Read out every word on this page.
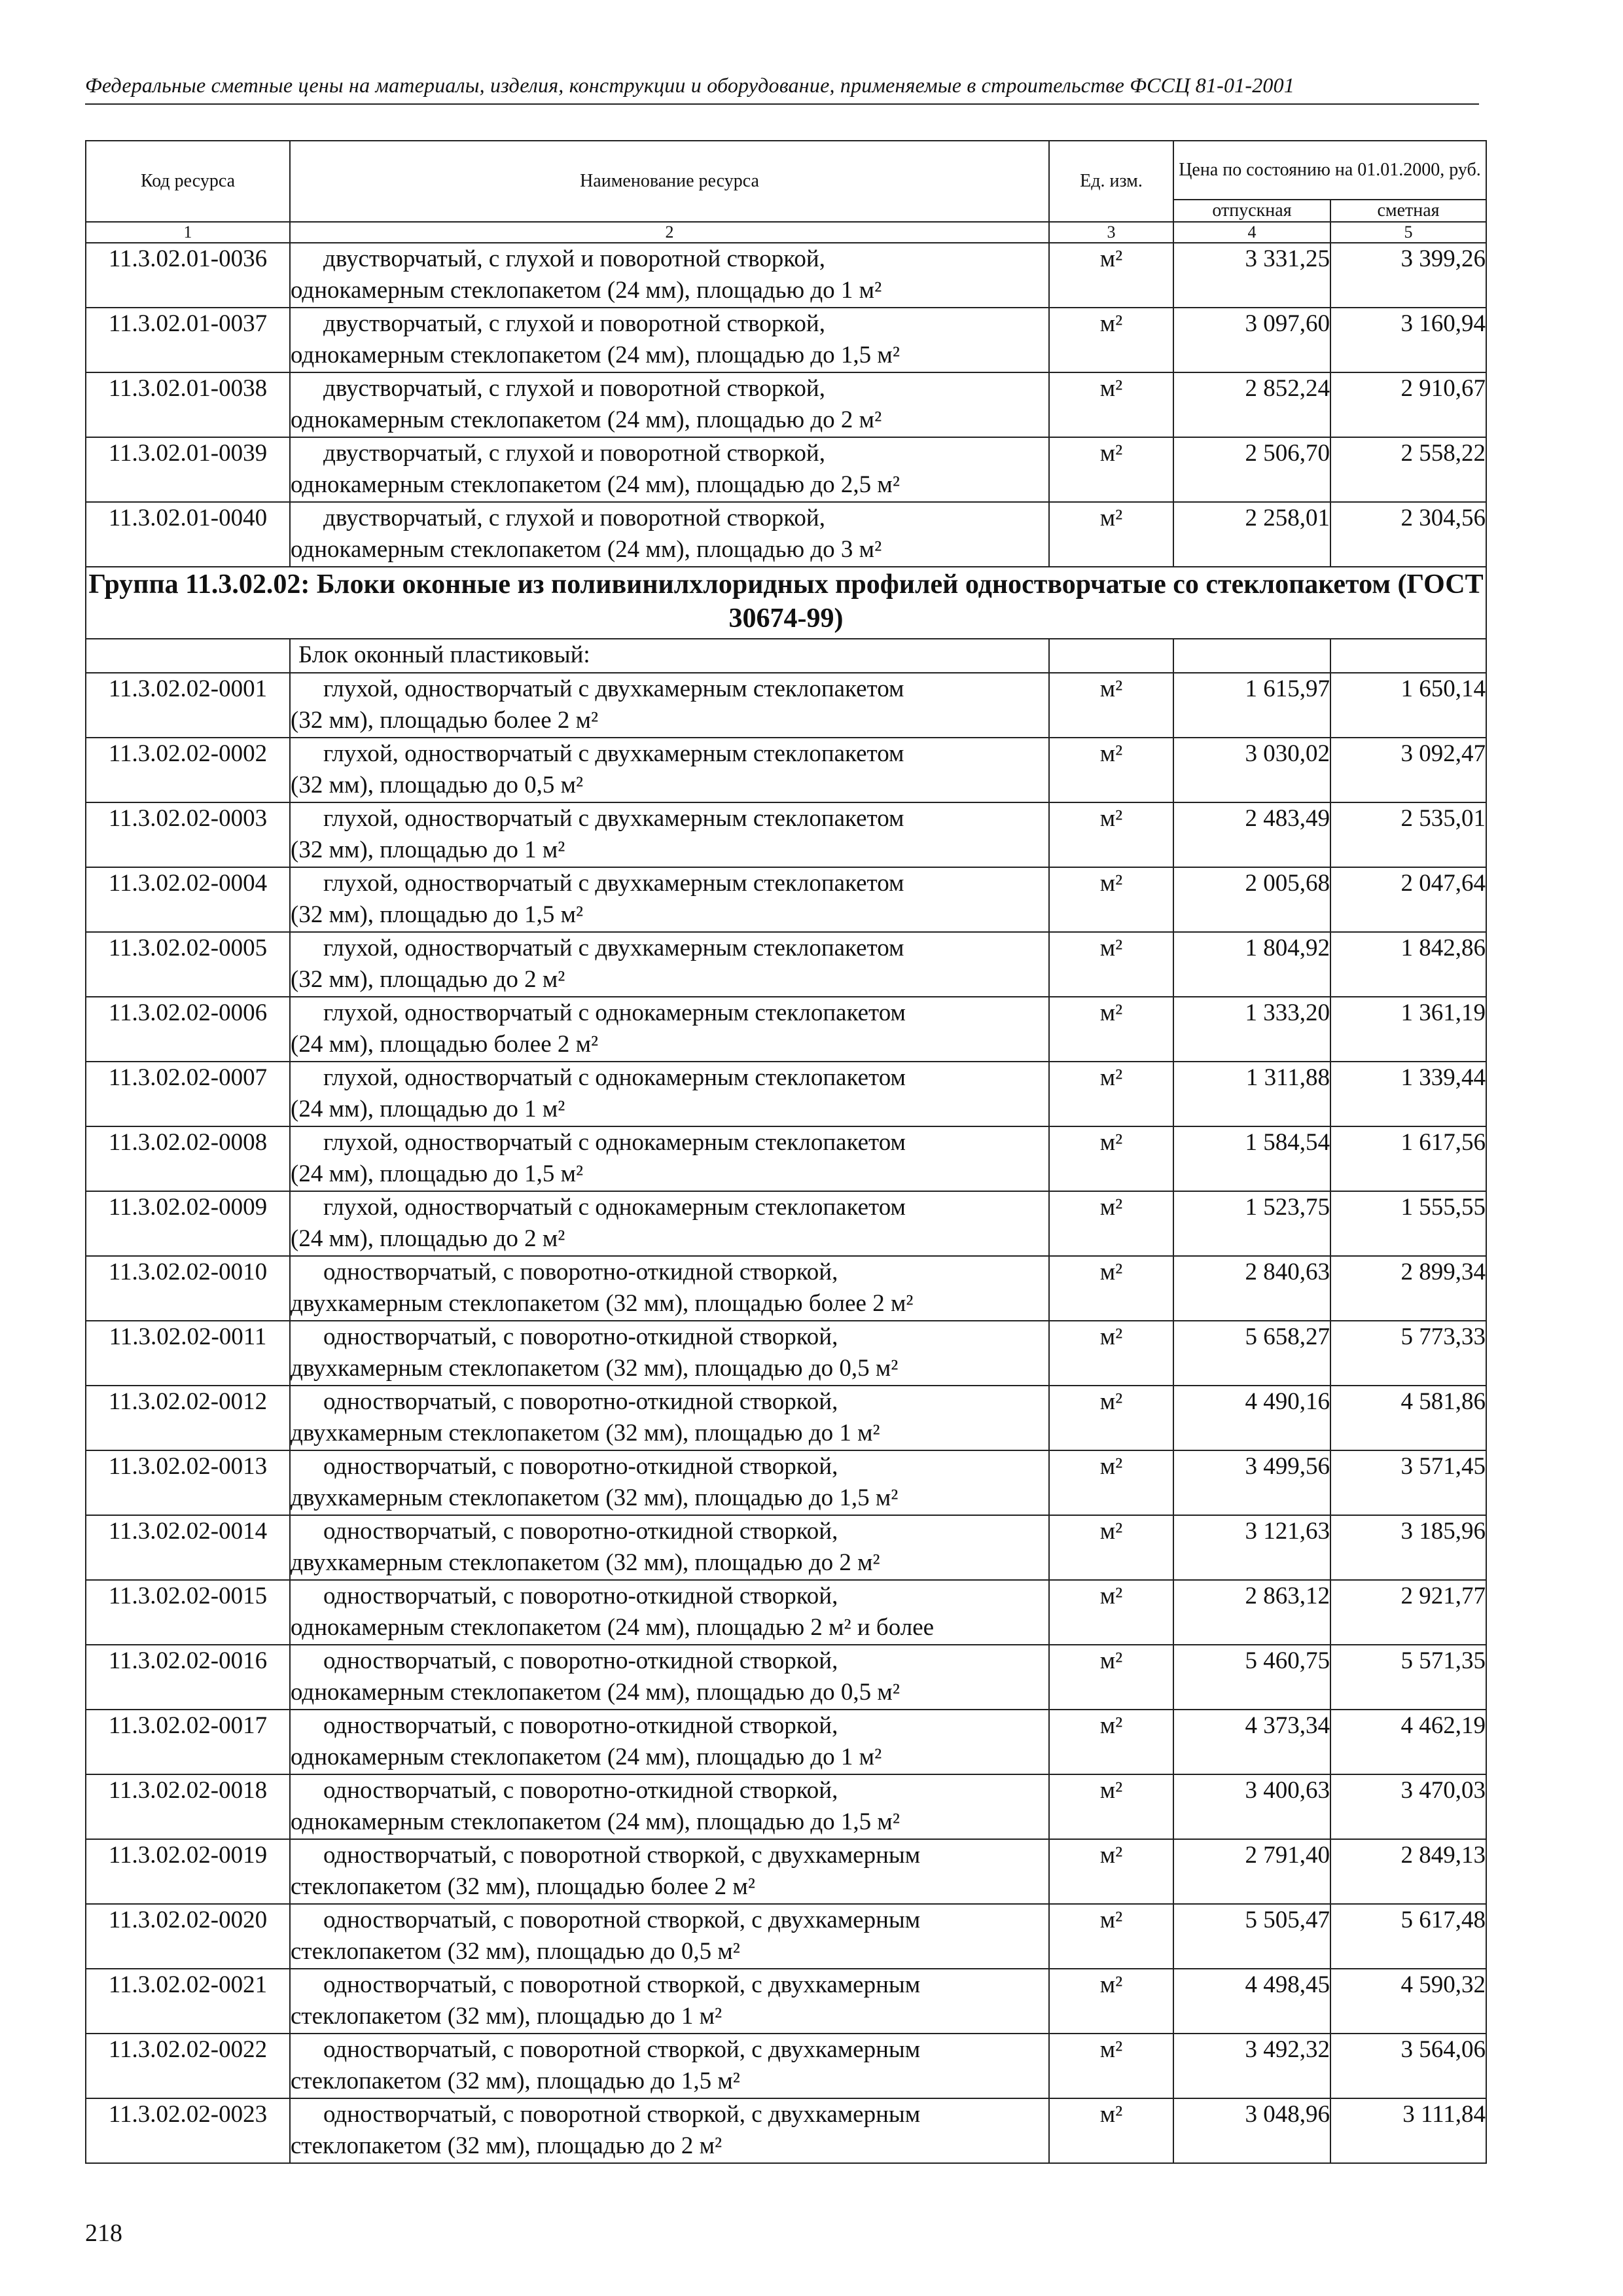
Федеральные сметные цены на материалы, изделия, конструкции и оборудование, применяемые в строительстве ФССЦ 81-01-2001
Код ресурса	Наименование ресурса	Ед. изм.	Цена по состоянию на 01.01.2000, руб.	
			отпускная	сметная
1	2	3	4	5
11.3.02.01-0036	двустворчатый, с глухой и поворотной створкой,
однокамерным стеклопакетом (24 мм), площадью до 1 м²	м²	3 331,25	3 399,26
11.3.02.01-0037	двустворчатый, с глухой и поворотной створкой,
однокамерным стеклопакетом (24 мм), площадью до 1,5 м²	м²	3 097,60	3 160,94
11.3.02.01-0038	двустворчатый, с глухой и поворотной створкой,
однокамерным стеклопакетом (24 мм), площадью до 2 м²	м²	2 852,24	2 910,67
11.3.02.01-0039	двустворчатый, с глухой и поворотной створкой,
однокамерным стеклопакетом (24 мм), площадью до 2,5 м²	м²	2 506,70	2 558,22
11.3.02.01-0040	двустворчатый, с глухой и поворотной створкой,
однокамерным стеклопакетом (24 мм), площадью до 3 м²	м²	2 258,01	2 304,56
Группа 11.3.02.02: Блоки оконные из поливинилхлоридных профилей одностворчатые со стеклопакетом (ГОСТ 30674-99)				
	Блок оконный пластиковый:			
11.3.02.02-0001	глухой, одностворчатый с двухкамерным стеклопакетом
(32 мм), площадью более 2 м²	м²	1 615,97	1 650,14
11.3.02.02-0002	глухой, одностворчатый с двухкамерным стеклопакетом
(32 мм), площадью до 0,5 м²	м²	3 030,02	3 092,47
11.3.02.02-0003	глухой, одностворчатый с двухкамерным стеклопакетом
(32 мм), площадью до 1 м²	м²	2 483,49	2 535,01
11.3.02.02-0004	глухой, одностворчатый с двухкамерным стеклопакетом
(32 мм), площадью до 1,5 м²	м²	2 005,68	2 047,64
11.3.02.02-0005	глухой, одностворчатый с двухкамерным стеклопакетом
(32 мм), площадью до 2 м²	м²	1 804,92	1 842,86
11.3.02.02-0006	глухой, одностворчатый с однокамерным стеклопакетом
(24 мм), площадью более 2 м²	м²	1 333,20	1 361,19
11.3.02.02-0007	глухой, одностворчатый с однокамерным стеклопакетом
(24 мм), площадью до 1 м²	м²	1 311,88	1 339,44
11.3.02.02-0008	глухой, одностворчатый с однокамерным стеклопакетом
(24 мм), площадью до 1,5 м²	м²	1 584,54	1 617,56
11.3.02.02-0009	глухой, одностворчатый с однокамерным стеклопакетом
(24 мм), площадью до 2 м²	м²	1 523,75	1 555,55
11.3.02.02-0010	одностворчатый, с поворотно-откидной створкой,
двухкамерным стеклопакетом (32 мм), площадью более 2 м²	м²	2 840,63	2 899,34
11.3.02.02-0011	одностворчатый, с поворотно-откидной створкой,
двухкамерным стеклопакетом (32 мм), площадью до 0,5 м²	м²	5 658,27	5 773,33
11.3.02.02-0012	одностворчатый, с поворотно-откидной створкой,
двухкамерным стеклопакетом (32 мм), площадью до 1 м²	м²	4 490,16	4 581,86
11.3.02.02-0013	одностворчатый, с поворотно-откидной створкой,
двухкамерным стеклопакетом (32 мм), площадью до 1,5 м²	м²	3 499,56	3 571,45
11.3.02.02-0014	одностворчатый, с поворотно-откидной створкой,
двухкамерным стеклопакетом (32 мм), площадью до 2 м²	м²	3 121,63	3 185,96
11.3.02.02-0015	одностворчатый, с поворотно-откидной створкой,
однокамерным стеклопакетом (24 мм), площадью 2 м² и более	м²	2 863,12	2 921,77
11.3.02.02-0016	одностворчатый, с поворотно-откидной створкой,
однокамерным стеклопакетом (24 мм), площадью до 0,5 м²	м²	5 460,75	5 571,35
11.3.02.02-0017	одностворчатый, с поворотно-откидной створкой,
однокамерным стеклопакетом (24 мм), площадью до 1 м²	м²	4 373,34	4 462,19
11.3.02.02-0018	одностворчатый, с поворотно-откидной створкой,
однокамерным стеклопакетом (24 мм), площадью до 1,5 м²	м²	3 400,63	3 470,03
11.3.02.02-0019	одностворчатый, с поворотной створкой, с двухкамерным
стеклопакетом (32 мм), площадью более 2 м²	м²	2 791,40	2 849,13
11.3.02.02-0020	одностворчатый, с поворотной створкой, с двухкамерным
стеклопакетом (32 мм), площадью до 0,5 м²	м²	5 505,47	5 617,48
11.3.02.02-0021	одностворчатый, с поворотной створкой, с двухкамерным
стеклопакетом (32 мм), площадью до 1 м²	м²	4 498,45	4 590,32
11.3.02.02-0022	одностворчатый, с поворотной створкой, с двухкамерным
стеклопакетом (32 мм), площадью до 1,5 м²	м²	3 492,32	3 564,06
11.3.02.02-0023	одностворчатый, с поворотной створкой, с двухкамерным
стеклопакетом (32 мм), площадью до 2 м²	м²	3 048,96	3 111,84
218
